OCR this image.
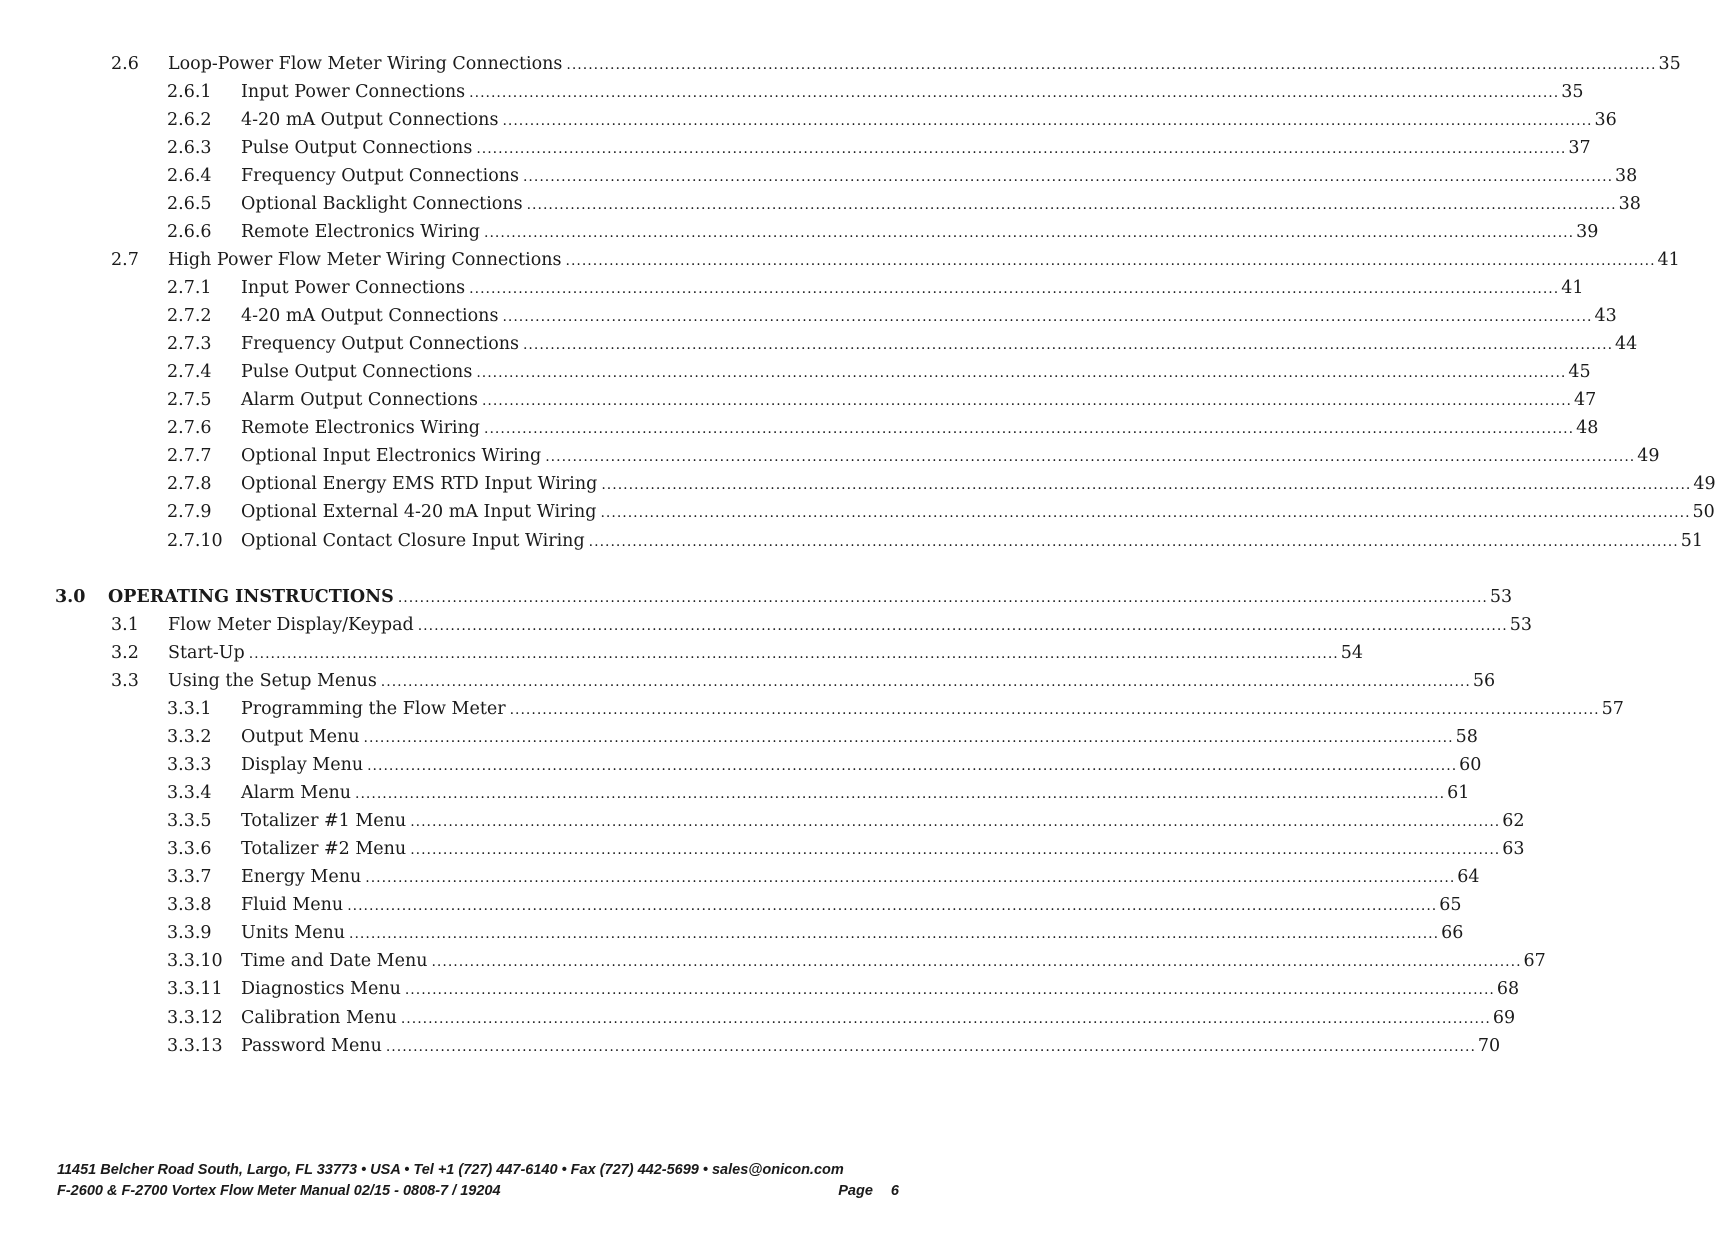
2.6	Loop-Power Flow Meter Wiring Connections ........................................................................................................................................................................................................ 35
2.6.1	Input Power Connections ........................................................................................................................................................................................................ 35
2.6.2	4-20 mA Output Connections ........................................................................................................................................................................................................ 36
2.6.3	Pulse Output Connections ........................................................................................................................................................................................................ 37
2.6.4	Frequency Output Connections ........................................................................................................................................................................................................ 38
2.6.5	Optional Backlight Connections ........................................................................................................................................................................................................ 38
2.6.6	Remote Electronics Wiring ........................................................................................................................................................................................................ 39
2.7	High Power Flow Meter Wiring Connections ........................................................................................................................................................................................................ 41
2.7.1	Input Power Connections ........................................................................................................................................................................................................ 41
2.7.2	4-20 mA Output Connections ........................................................................................................................................................................................................ 43
2.7.3	Frequency Output Connections ........................................................................................................................................................................................................ 44
2.7.4	Pulse Output Connections ........................................................................................................................................................................................................ 45
2.7.5	Alarm Output Connections ........................................................................................................................................................................................................ 47
2.7.6	Remote Electronics Wiring ........................................................................................................................................................................................................ 48
2.7.7	Optional Input Electronics Wiring ........................................................................................................................................................................................................ 49
2.7.8	Optional Energy EMS RTD Input Wiring ........................................................................................................................................................................................................ 49
2.7.9	Optional External 4-20 mA Input Wiring ........................................................................................................................................................................................................ 50
2.7.10	Optional Contact Closure Input Wiring ........................................................................................................................................................................................................ 51
3.0	OPERATING INSTRUCTIONS ........................................................................................................................................................................................................ 53
3.1	Flow Meter Display/Keypad ........................................................................................................................................................................................................ 53
3.2	Start-Up ........................................................................................................................................................................................................ 54
3.3	Using the Setup Menus ........................................................................................................................................................................................................ 56
3.3.1	Programming the Flow Meter ........................................................................................................................................................................................................ 57
3.3.2	Output Menu ........................................................................................................................................................................................................ 58
3.3.3	Display Menu ........................................................................................................................................................................................................ 60
3.3.4	Alarm Menu ........................................................................................................................................................................................................ 61
3.3.5	Totalizer #1 Menu ........................................................................................................................................................................................................ 62
3.3.6	Totalizer #2 Menu ........................................................................................................................................................................................................ 63
3.3.7	Energy Menu ........................................................................................................................................................................................................ 64
3.3.8	Fluid Menu ........................................................................................................................................................................................................ 65
3.3.9	Units Menu ........................................................................................................................................................................................................ 66
3.3.10	Time and Date Menu ........................................................................................................................................................................................................ 67
3.3.11	Diagnostics Menu ........................................................................................................................................................................................................ 68
3.3.12	Calibration Menu ........................................................................................................................................................................................................ 69
3.3.13	Password Menu ........................................................................................................................................................................................................ 70
11451 Belcher Road South, Largo, FL 33773 • USA • Tel +1 (727) 447-6140 • Fax (727) 442-5699 • sales@onicon.com
F-2600 & F-2700 Vortex Flow Meter Manual 02/15 - 0808-7 / 19204	Page 6
